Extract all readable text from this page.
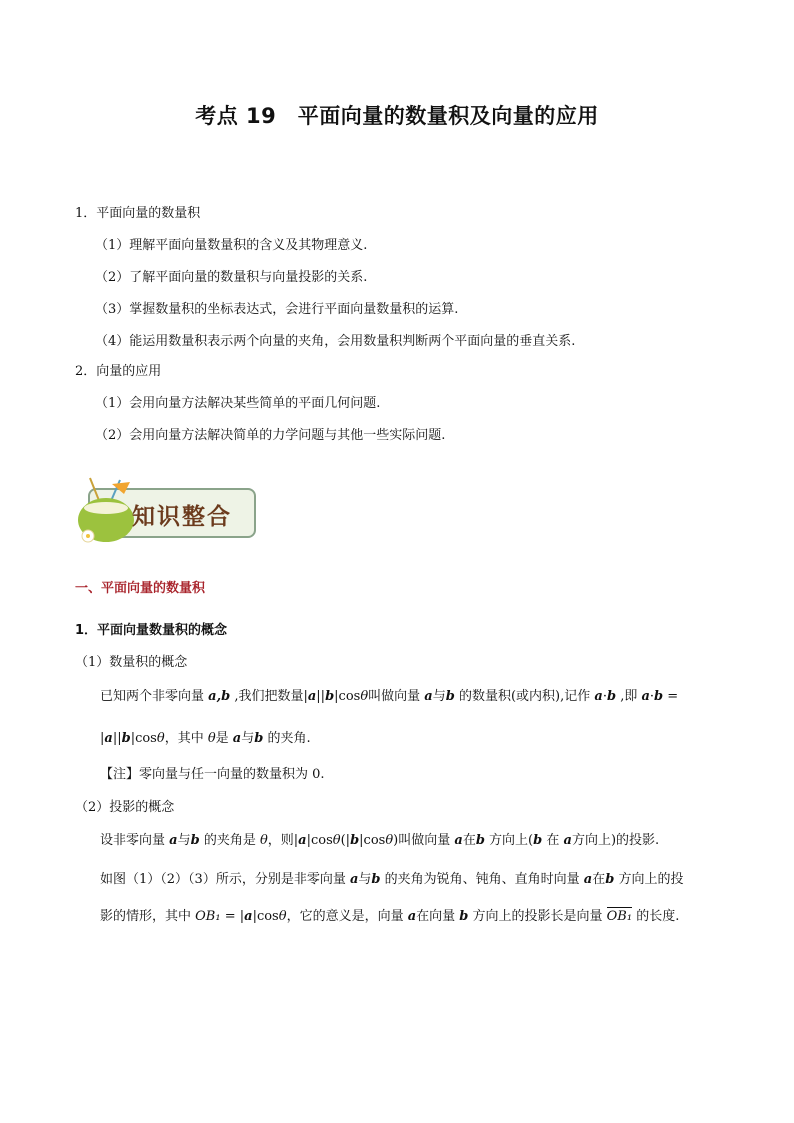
考点 19　平面向量的数量积及向量的应用
1．平面向量的数量积
（1）理解平面向量数量积的含义及其物理意义.
（2）了解平面向量的数量积与向量投影的关系.
（3）掌握数量积的坐标表达式，会进行平面向量数量积的运算.
（4）能运用数量积表示两个向量的夹角，会用数量积判断两个平面向量的垂直关系.
2．向量的应用
（1）会用向量方法解决某些简单的平面几何问题.
（2）会用向量方法解决简单的力学问题与其他一些实际问题.
知识整合
一、平面向量的数量积
1．平面向量数量积的概念
（1）数量积的概念
已知两个非零向量 a,b ,我们把数量|a||b|cosθ叫做向量 a与b 的数量积(或内积),记作 a·b ,即 a·b =
|a||b|cosθ，其中 θ是 a与b 的夹角.
【注】零向量与任一向量的数量积为 0.
（2）投影的概念
设非零向量 a与b 的夹角是 θ，则|a|cosθ(|b|cosθ)叫做向量 a在b 方向上(b 在 a方向上)的投影.
如图（1）（2）（3）所示，分别是非零向量 a与b 的夹角为锐角、钝角、直角时向量 a在b 方向上的投
影的情形，其中 OB₁ = |a|cosθ，它的意义是，向量 a在向量 b 方向上的投影长是向量 OB₁ 的长度.
